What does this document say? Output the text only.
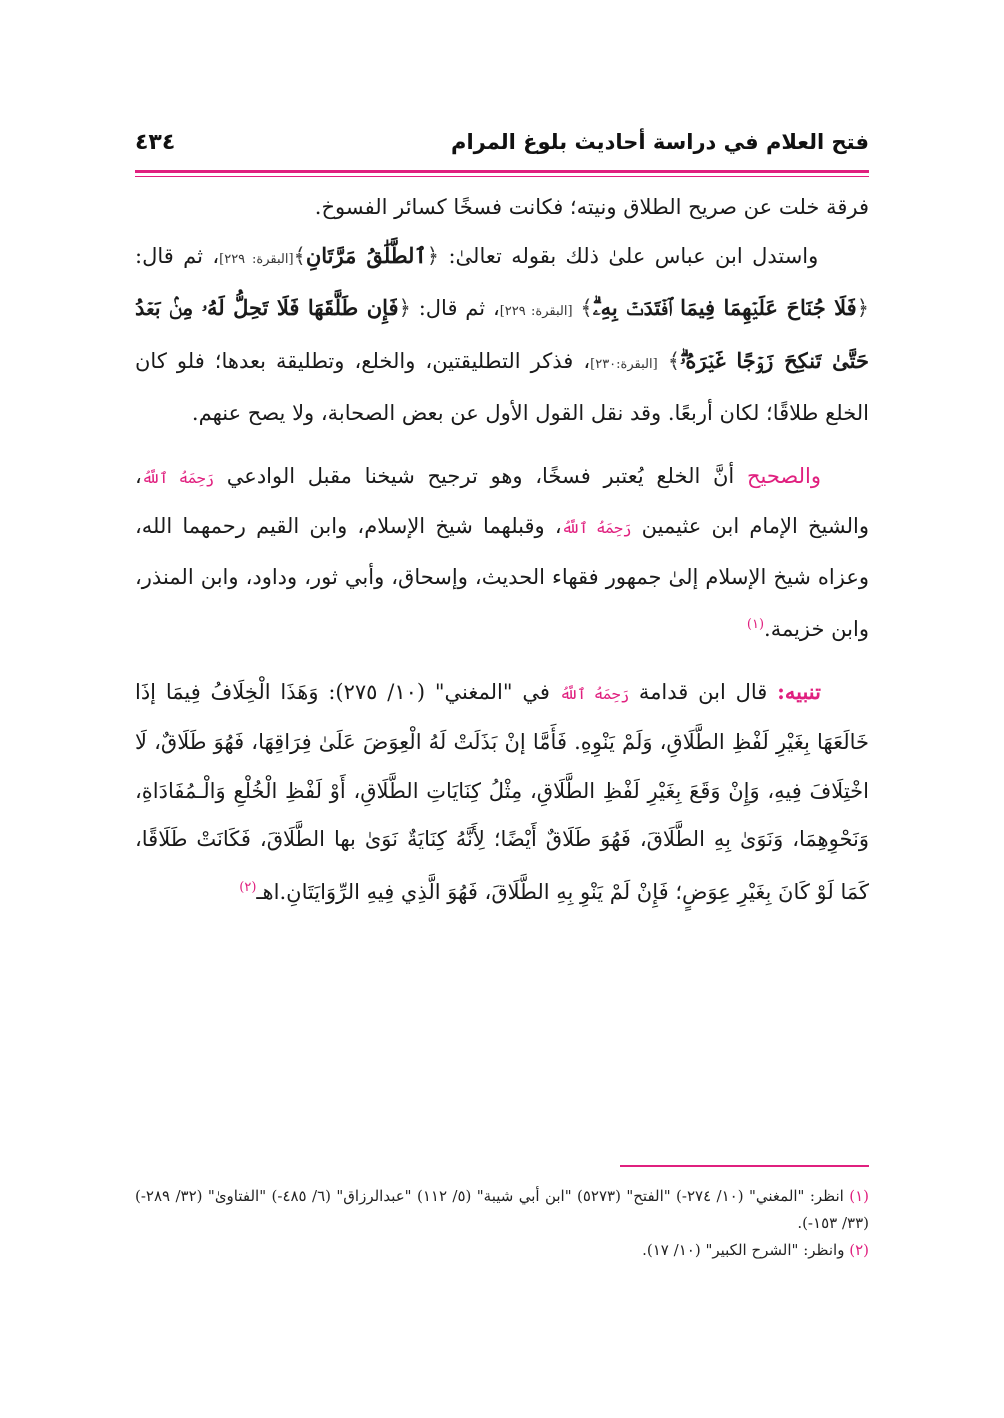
فتح العلام في دراسة أحاديث بلوغ المرام
٤٣٤

فرقة خلت عن صريح الطلاق ونيته؛ فكانت فسخًا كسائر الفسوخ.

واستدل ابن عباس علىٰ ذلك بقوله تعالىٰ: ﴿ٱلطَّلَٰقُ مَرَّتَانِ﴾[البقرة: ٢٢٩]، ثم قال: ﴿فَلَا جُنَاحَ عَلَيۡهِمَا فِيمَا ٱفۡتَدَتۡ بِهِۦۗ﴾ [البقرة: ٢٢٩]، ثم قال: ﴿فَإِن طَلَّقَهَا فَلَا تَحِلُّ لَهُۥ مِنۢ بَعۡدُ حَتَّىٰ تَنكِحَ زَوۡجًا غَيۡرَهُۥۗ﴾ [البقرة:٢٣٠]، فذكر التطليقتين، والخلع، وتطليقة بعدها؛ فلو كان الخلع طلاقًا؛ لكان أربعًا. وقد نقل القول الأول عن بعض الصحابة، ولا يصح عنهم.

والصحيح أنَّ الخلع يُعتبر فسخًا، وهو ترجيح شيخنا مقبل الوادعي رَحِمَهُ ٱللَّهُ، والشيخ الإمام ابن عثيمين رَحِمَهُ ٱللَّهُ، وقبلهما شيخ الإسلام، وابن القيم رحمهما الله، وعزاه شيخ الإسلام إلىٰ جمهور فقهاء الحديث، وإسحاق، وأبي ثور، وداود، وابن المنذر، وابن خزيمة.$^{(١)}$

تنبيه: قال ابن قدامة رَحِمَهُ ٱللَّهُ في "المغني" (١٠/ ٢٧٥): وَهَذَا الْخِلَافُ فِيمَا إذَا خَالَعَهَا بِغَيْرِ لَفْظِ الطَّلَاقِ، وَلَمْ يَنْوِهِ. فَأَمَّا إنْ بَذَلَتْ لَهُ الْعِوَضَ عَلَىٰ فِرَاقِهَا، فَهُوَ طَلَاقٌ، لَا اخْتِلَافَ فِيهِ، وَإِنْ وَقَعَ بِغَيْرِ لَفْظِ الطَّلَاقِ، مِثْلُ كِنَايَاتِ الطَّلَاقِ، أَوْ لَفْظِ الْخُلْعِ وَالْـمُفَادَاةِ، وَنَحْوِهِمَا، وَنَوَىٰ بِهِ الطَّلَاقَ، فَهُوَ طَلَاقٌ أَيْضًا؛ لِأَنَّهُ كِنَايَةٌ نَوَىٰ بها الطَّلَاقَ، فَكَانَتْ طَلَاقًا، كَمَا لَوْ كَانَ بِغَيْرِ عِوَضٍ؛ فَإِنْ لَمْ يَنْوِ بِهِ الطَّلَاقَ، فَهُوَ الَّذِي فِيهِ الرِّوَايَتَانِ.اهـ$^{(٢)}$

(١) انظر: "المغني" (١٠/ ٢٧٤-) "الفتح" (٥٢٧٣) "ابن أبي شيبة" (٥/ ١١٢) "عبدالرزاق" (٦/ ٤٨٥-) "الفتاوىٰ" (٣٢/ ٢٨٩-) (٣٣/ ١٥٣-).

(٢) وانظر: "الشرح الكبير" (١٠/ ١٧).
